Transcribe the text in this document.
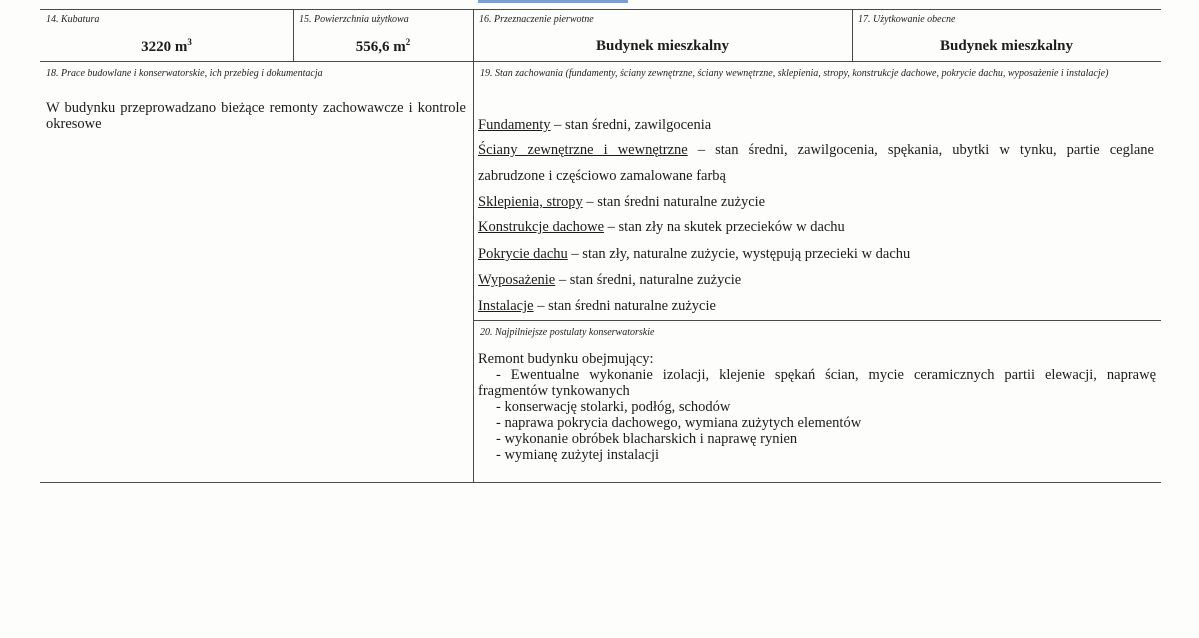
14. Kubatura
3220 $m^3$
15. Powierzchnia użytkowa
556,6 $m^2$
16. Przeznaczenie pierwotne
Budynek mieszkalny
17. Użytkowanie obecne
Budynek mieszkalny
18. Prace budowlane i konserwatorskie, ich przebieg i dokumentacja
W budynku przeprowadzano bieżące remonty zachowawcze i kontrole okresowe
19. Stan zachowania (fundamenty, ściany zewnętrzne, ściany wewnętrzne, sklepienia, stropy, konstrukcje dachowe, pokrycie dachu, wyposażenie i instalacje)
Fundamenty – stan średni, zawilgocenia
Ściany zewnętrzne i wewnętrzne – stan średni, zawilgocenia, spękania, ubytki w tynku, partie ceglane
zabrudzone i częściowo zamalowane farbą
Sklepienia, stropy – stan średni naturalne zużycie
Konstrukcje dachowe – stan zły na skutek przecieków w dachu
Pokrycie dachu – stan zły, naturalne zużycie, występują przecieki w dachu
Wyposażenie – stan średni, naturalne zużycie
Instalacje – stan średni naturalne zużycie
20. Najpilniejsze postulaty konserwatorskie
Remont budynku obejmujący:
- Ewentualne wykonanie izolacji, klejenie spękań ścian, mycie ceramicznych partii elewacji, naprawę
fragmentów tynkowanych
- konserwację stolarki, podłóg, schodów
- naprawa pokrycia dachowego, wymiana zużytych elementów
- wykonanie obróbek blacharskich i naprawę rynien
- wymianę zużytej instalacji
